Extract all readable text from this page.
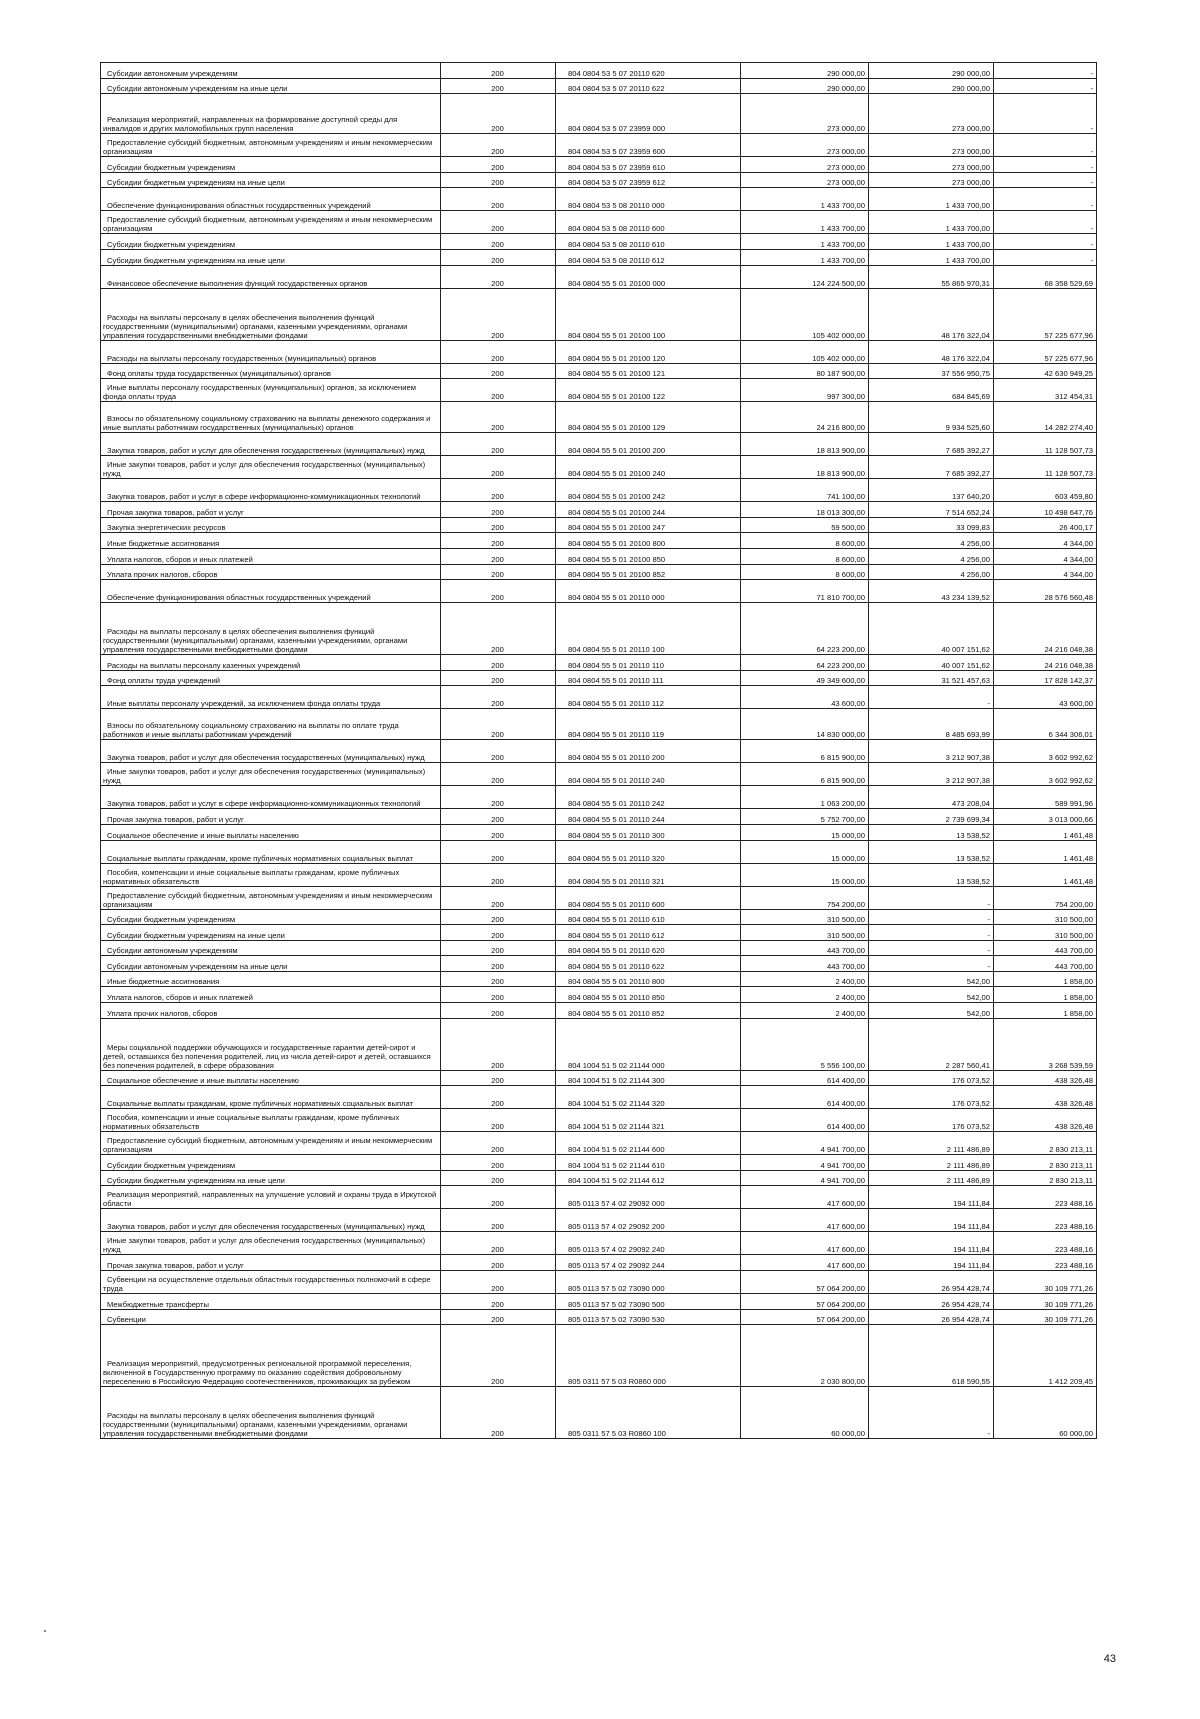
Субсидии автономным учреждениям	200	804 0804 53 5 07 20110 620	290 000,00	290 000,00	-
Субсидии автономным учреждениям на иные цели	200	804 0804 53 5 07 20110 622	290 000,00	290 000,00	-
Реализация мероприятий, направленных на формирование доступной среды для инвалидов и других маломобильных групп населения	200	804 0804 53 5 07 23959 000	273 000,00	273 000,00	-
Предоставление субсидий бюджетным, автономным учреждениям и иным некоммерческим организациям	200	804 0804 53 5 07 23959 600	273 000,00	273 000,00	-
Субсидии бюджетным учреждениям	200	804 0804 53 5 07 23959 610	273 000,00	273 000,00	-
Субсидии бюджетным учреждениям на иные цели	200	804 0804 53 5 07 23959 612	273 000,00	273 000,00	-
Обеспечение функционирования областных государственных учреждений	200	804 0804 53 5 08 20110 000	1 433 700,00	1 433 700,00	-
Предоставление субсидий бюджетным, автономным учреждениям и иным некоммерческим организациям	200	804 0804 53 5 08 20110 600	1 433 700,00	1 433 700,00	-
Субсидии бюджетным учреждениям	200	804 0804 53 5 08 20110 610	1 433 700,00	1 433 700,00	-
Субсидии бюджетным учреждениям на иные цели	200	804 0804 53 5 08 20110 612	1 433 700,00	1 433 700,00	-
Финансовое обеспечение выполнения функций государственных органов	200	804 0804 55 5 01 20100 000	124 224 500,00	55 865 970,31	68 358 529,69
Расходы на выплаты персоналу в целях обеспечения выполнения функций государственными (муниципальными) органами, казенными учреждениями, органами управления государственными внебюджетными фондами	200	804 0804 55 5 01 20100 100	105 402 000,00	48 176 322,04	57 225 677,96
Расходы на выплаты персоналу государственных (муниципальных) органов	200	804 0804 55 5 01 20100 120	105 402 000,00	48 176 322,04	57 225 677,96
Фонд оплаты труда государственных (муниципальных) органов	200	804 0804 55 5 01 20100 121	80 187 900,00	37 556 950,75	42 630 949,25
Иные выплаты персоналу государственных (муниципальных) органов, за исключением фонда оплаты труда	200	804 0804 55 5 01 20100 122	997 300,00	684 845,69	312 454,31
Взносы по обязательному социальному страхованию на выплаты денежного содержания и иные выплаты работникам государственных (муниципальных) органов	200	804 0804 55 5 01 20100 129	24 216 800,00	9 934 525,60	14 282 274,40
Закупка товаров, работ и услуг для обеспечения государственных (муниципальных) нужд	200	804 0804 55 5 01 20100 200	18 813 900,00	7 685 392,27	11 128 507,73
Иные закупки товаров, работ и услуг для обеспечения государственных (муниципальных) нужд	200	804 0804 55 5 01 20100 240	18 813 900,00	7 685 392,27	11 128 507,73
Закупка товаров, работ и услуг в сфере информационно-коммуникационных технологий	200	804 0804 55 5 01 20100 242	741 100,00	137 640,20	603 459,80
Прочая закупка товаров, работ и услуг	200	804 0804 55 5 01 20100 244	18 013 300,00	7 514 652,24	10 498 647,76
Закупка энергетических ресурсов	200	804 0804 55 5 01 20100 247	59 500,00	33 099,83	26 400,17
Иные бюджетные ассигнования	200	804 0804 55 5 01 20100 800	8 600,00	4 256,00	4 344,00
Уплата налогов, сборов и иных платежей	200	804 0804 55 5 01 20100 850	8 600,00	4 256,00	4 344,00
Уплата прочих налогов, сборов	200	804 0804 55 5 01 20100 852	8 600,00	4 256,00	4 344,00
Обеспечение функционирования областных государственных учреждений	200	804 0804 55 5 01 20110 000	71 810 700,00	43 234 139,52	28 576 560,48
Расходы на выплаты персоналу в целях обеспечения выполнения функций государственными (муниципальными) органами, казенными учреждениями, органами управления государственными внебюджетными фондами	200	804 0804 55 5 01 20110 100	64 223 200,00	40 007 151,62	24 216 048,38
Расходы на выплаты персоналу казенных учреждений	200	804 0804 55 5 01 20110 110	64 223 200,00	40 007 151,62	24 216 048,38
Фонд оплаты труда учреждений	200	804 0804 55 5 01 20110 111	49 349 600,00	31 521 457,63	17 828 142,37
Иные выплаты персоналу учреждений, за исключением фонда оплаты труда	200	804 0804 55 5 01 20110 112	43 600,00	-	43 600,00
Взносы по обязательному социальному страхованию на выплаты по оплате труда работников и иные выплаты работникам учреждений	200	804 0804 55 5 01 20110 119	14 830 000,00	8 485 693,99	6 344 306,01
Закупка товаров, работ и услуг для обеспечения государственных (муниципальных) нужд	200	804 0804 55 5 01 20110 200	6 815 900,00	3 212 907,38	3 602 992,62
Иные закупки товаров, работ и услуг для обеспечения государственных (муниципальных) нужд	200	804 0804 55 5 01 20110 240	6 815 900,00	3 212 907,38	3 602 992,62
Закупка товаров, работ и услуг в сфере информационно-коммуникационных технологий	200	804 0804 55 5 01 20110 242	1 063 200,00	473 208,04	589 991,96
Прочая закупка товаров, работ и услуг	200	804 0804 55 5 01 20110 244	5 752 700,00	2 739 699,34	3 013 000,66
Социальное обеспечение и иные выплаты населению	200	804 0804 55 5 01 20110 300	15 000,00	13 538,52	1 461,48
Социальные выплаты гражданам, кроме публичных нормативных социальных выплат	200	804 0804 55 5 01 20110 320	15 000,00	13 538,52	1 461,48
Пособия, компенсации и иные социальные выплаты гражданам, кроме публичных нормативных обязательств	200	804 0804 55 5 01 20110 321	15 000,00	13 538,52	1 461,48
Предоставление субсидий бюджетным, автономным учреждениям и иным некоммерческим организациям	200	804 0804 55 5 01 20110 600	754 200,00	-	754 200,00
Субсидии бюджетным учреждениям	200	804 0804 55 5 01 20110 610	310 500,00	-	310 500,00
Субсидии бюджетным учреждениям на иные цели	200	804 0804 55 5 01 20110 612	310 500,00	-	310 500,00
Субсидии автономным учреждениям	200	804 0804 55 5 01 20110 620	443 700,00	-	443 700,00
Субсидии автономным учреждениям на иные цели	200	804 0804 55 5 01 20110 622	443 700,00	-	443 700,00
Иные бюджетные ассигнования	200	804 0804 55 5 01 20110 800	2 400,00	542,00	1 858,00
Уплата налогов, сборов и иных платежей	200	804 0804 55 5 01 20110 850	2 400,00	542,00	1 858,00
Уплата прочих налогов, сборов	200	804 0804 55 5 01 20110 852	2 400,00	542,00	1 858,00
Меры социальной поддержки обучающихся и государственные гарантии детей-сирот и детей, оставшихся без попечения родителей, лиц из числа детей-сирот и детей, оставшихся без попечения родителей, в сфере образования	200	804 1004 51 5 02 21144 000	5 556 100,00	2 287 560,41	3 268 539,59
Социальное обеспечение и иные выплаты населению	200	804 1004 51 5 02 21144 300	614 400,00	176 073,52	438 326,48
Социальные выплаты гражданам, кроме публичных нормативных социальных выплат	200	804 1004 51 5 02 21144 320	614 400,00	176 073,52	438 326,48
Пособия, компенсации и иные социальные выплаты гражданам, кроме публичных нормативных обязательств	200	804 1004 51 5 02 21144 321	614 400,00	176 073,52	438 326,48
Предоставление субсидий бюджетным, автономным учреждениям и иным некоммерческим организациям	200	804 1004 51 5 02 21144 600	4 941 700,00	2 111 486,89	2 830 213,11
Субсидии бюджетным учреждениям	200	804 1004 51 5 02 21144 610	4 941 700,00	2 111 486,89	2 830 213,11
Субсидии бюджетным учреждениям на иные цели	200	804 1004 51 5 02 21144 612	4 941 700,00	2 111 486,89	2 830 213,11
Реализация мероприятий, направленных на улучшение условий и охраны труда в Иркутской области	200	805 0113 57 4 02 29092 000	417 600,00	194 111,84	223 488,16
Закупка товаров, работ и услуг для обеспечения государственных (муниципальных) нужд	200	805 0113 57 4 02 29092 200	417 600,00	194 111,84	223 488,16
Иные закупки товаров, работ и услуг для обеспечения государственных (муниципальных) нужд	200	805 0113 57 4 02 29092 240	417 600,00	194 111,84	223 488,16
Прочая закупка товаров, работ и услуг	200	805 0113 57 4 02 29092 244	417 600,00	194 111,84	223 488,16
Субвенции на осуществление отдельных областных государственных полномочий в сфере труда	200	805 0113 57 5 02 73090 000	57 064 200,00	26 954 428,74	30 109 771,26
Межбюджетные трансферты	200	805 0113 57 5 02 73090 500	57 064 200,00	26 954 428,74	30 109 771,26
Субвенции	200	805 0113 57 5 02 73090 530	57 064 200,00	26 954 428,74	30 109 771,26
Реализация мероприятий, предусмотренных региональной программой переселения, включенной в Государственную программу по оказанию содействия добровольному переселению в Российскую Федерацию соотечественников, проживающих за рубежом	200	805 0311 57 5 03 R0860 000	2 030 800,00	618 590,55	1 412 209,45
Расходы на выплаты персоналу в целях обеспечения выполнения функций государственными (муниципальными) органами, казенными учреждениями, органами управления государственными внебюджетными фондами	200	805 0311 57 5 03 R0860 100	60 000,00	-	60 000,00
43
